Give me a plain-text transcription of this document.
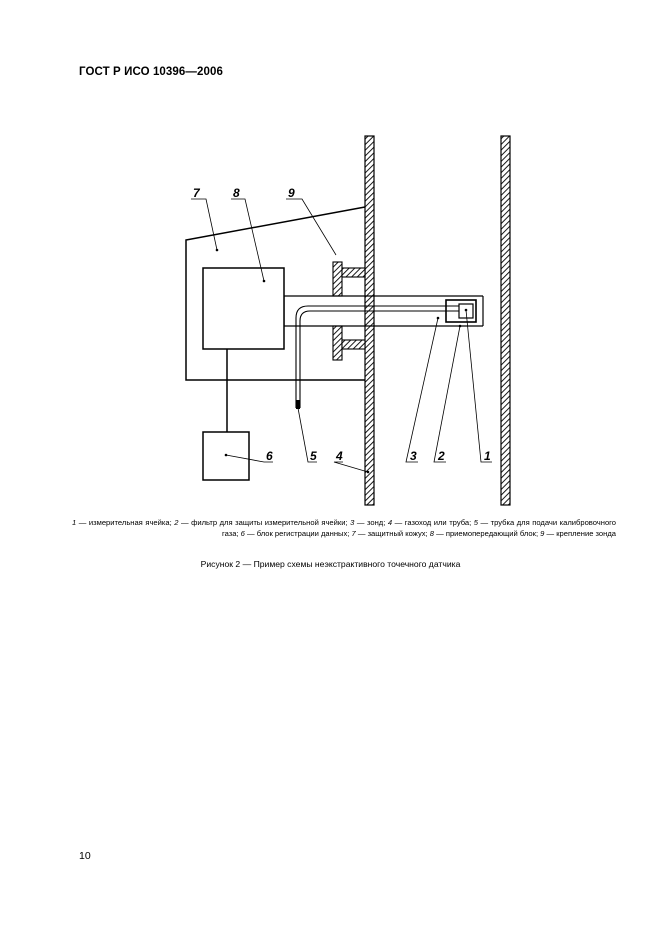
ГОСТ Р ИСО 10396—2006
7	8	9
6	5 4	3 2	1
1 — измерительная ячейка; 2 — фильтр для защиты измерительной ячейки; 3 — зонд; 4 — газоход или труба; 5 — трубка для подачи калибровочного газа; 6 — блок регистрации данных; 7 — защитный кожух; 8 — приемопередающий блок; 9 — крепление зонда
Рисунок 2 — Пример схемы неэкстрактивного точечного датчика
10
